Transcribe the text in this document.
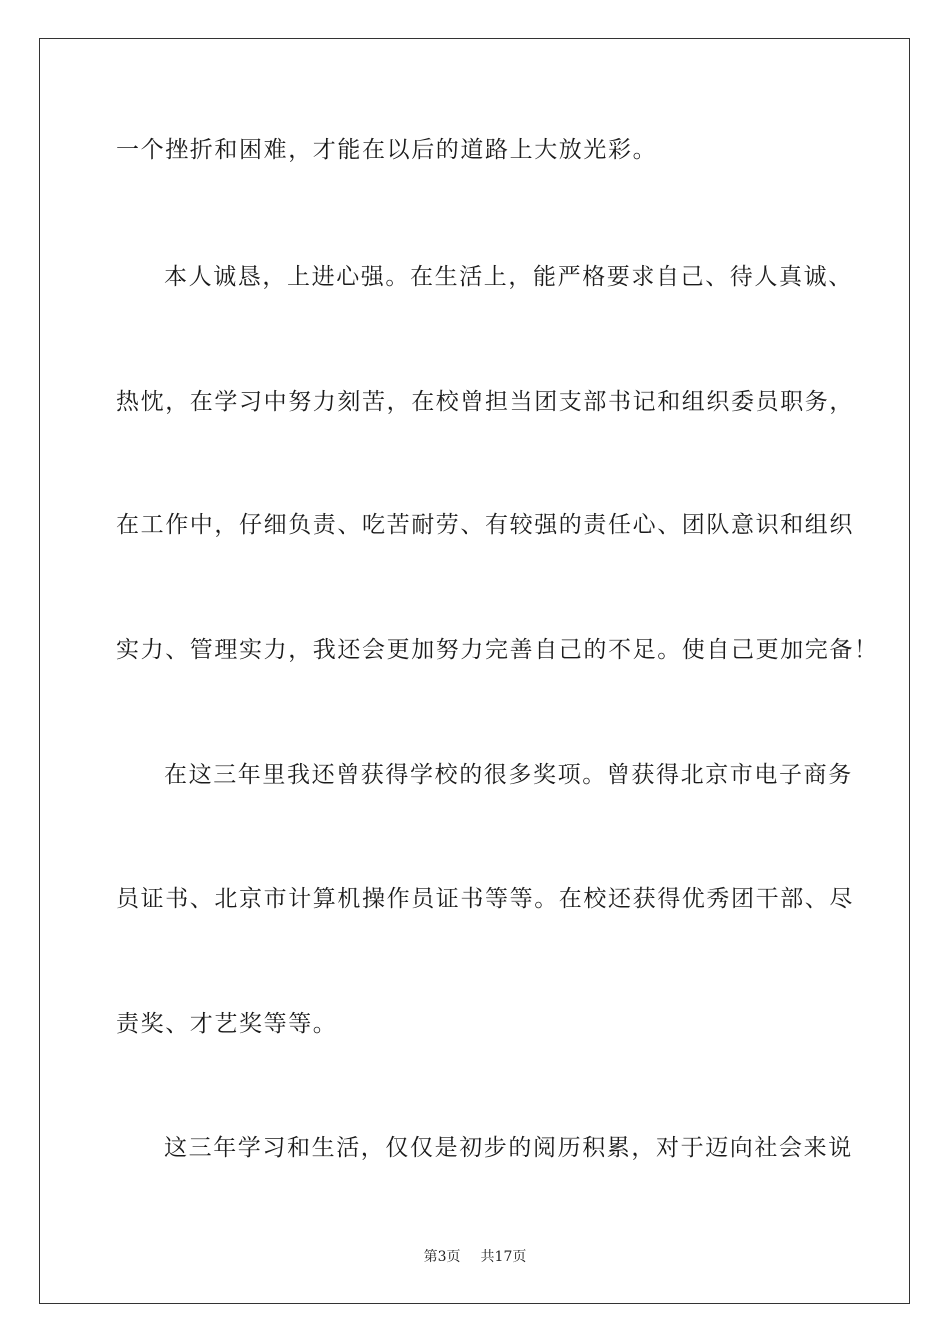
一个挫折和困难，才能在以后的道路上大放光彩。
本人诚恳，上进心强。在生活上，能严格要求自己、待人真诚、
热忱，在学习中努力刻苦，在校曾担当团支部书记和组织委员职务，
在工作中，仔细负责、吃苦耐劳、有较强的责任心、团队意识和组织
实力、管理实力，我还会更加努力完善自己的不足。使自己更加完备！
在这三年里我还曾获得学校的很多奖项。曾获得北京市电子商务
员证书、北京市计算机操作员证书等等。在校还获得优秀团干部、尽
责奖、才艺奖等等。
这三年学习和生活，仅仅是初步的阅历积累，对于迈向社会来说
第3页 共17页
